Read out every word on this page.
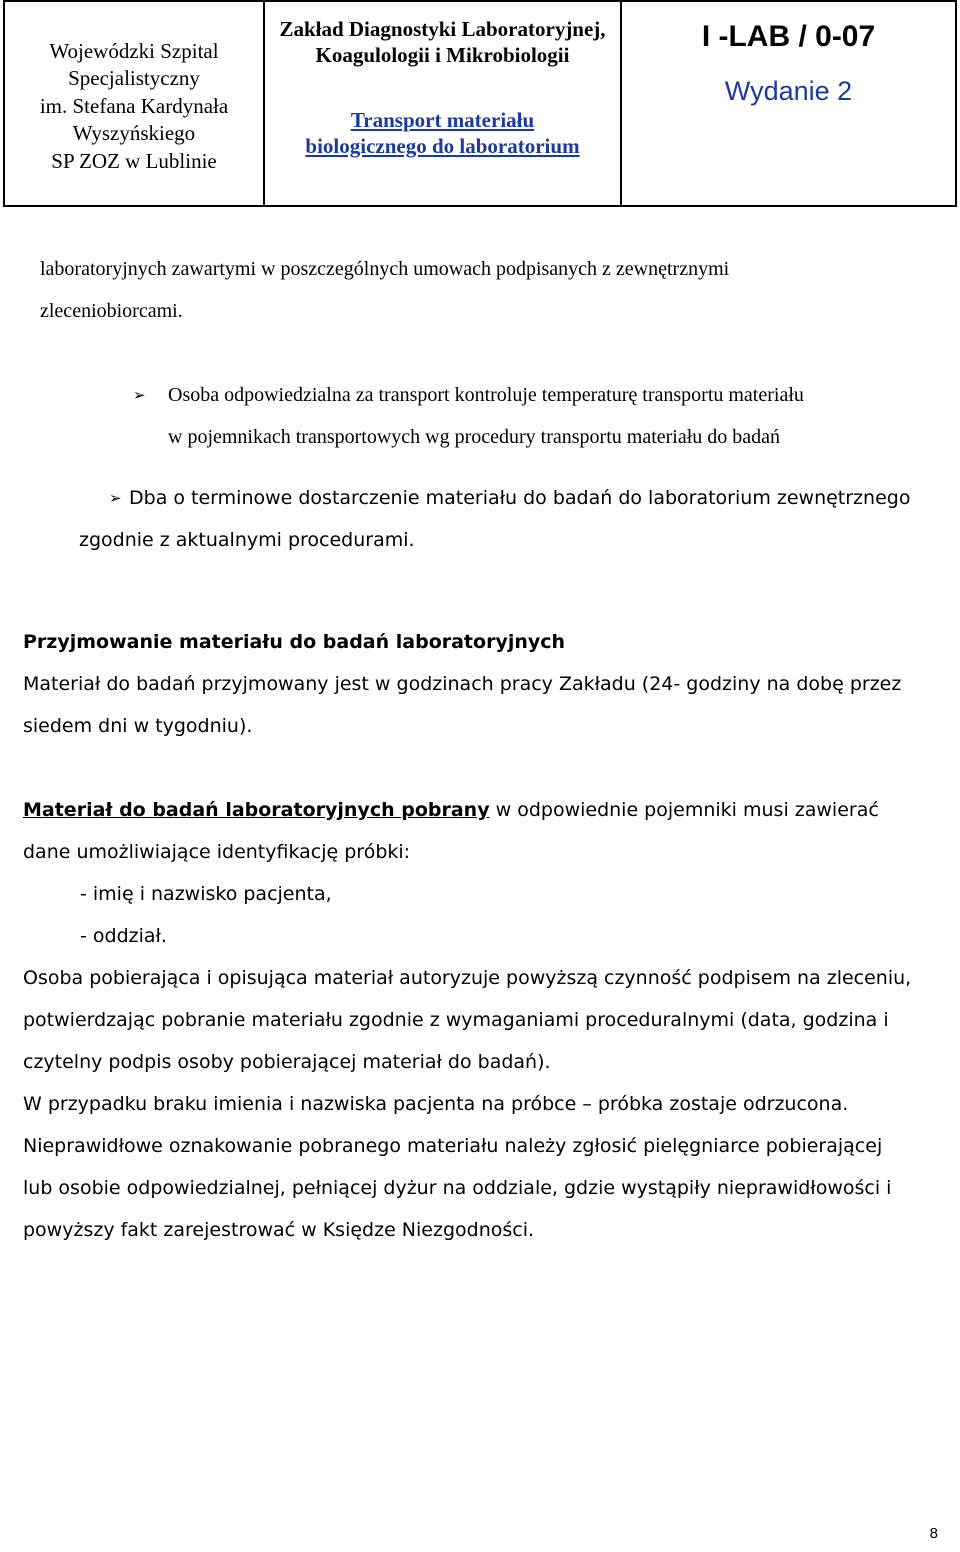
Wojewódzki Szpital
Specjalistyczny
im. Stefana Kardynała
Wyszyńskiego
SP ZOZ w Lublinie
Zakład Diagnostyki Laboratoryjnej,
Koagulologii i Mikrobiologii
Transport materiału
biologicznego do laboratorium
I -LAB / 0-07
Wydanie 2
laboratoryjnych zawartymi w poszczególnych umowach podpisanych z zewnętrznymi
zleceniobiorcami.
➢ Osoba odpowiedzialna za transport kontroluje temperaturę transportu materiału
w pojemnikach transportowych wg procedury transportu materiału do badań
➢ Dba o terminowe dostarczenie materiału do badań do laboratorium zewnętrznego
zgodnie z aktualnymi procedurami.
Przyjmowanie materiału do badań laboratoryjnych
Materiał do badań przyjmowany jest w godzinach pracy Zakładu (24- godziny na dobę przez
siedem dni w tygodniu).
Materiał do badań laboratoryjnych pobrany w odpowiednie pojemniki musi zawierać
dane umożliwiające identyfikację próbki:
- imię i nazwisko pacjenta,
- oddział.
Osoba pobierająca i opisująca materiał autoryzuje powyższą czynność podpisem na zleceniu,
potwierdzając pobranie materiału zgodnie z wymaganiami proceduralnymi (data, godzina i
czytelny podpis osoby pobierającej materiał do badań).
W przypadku braku imienia i nazwiska pacjenta na próbce – próbka zostaje odrzucona.
Nieprawidłowe oznakowanie pobranego materiału należy zgłosić pielęgniarce pobierającej
lub osobie odpowiedzialnej, pełniącej dyżur na oddziale, gdzie wystąpiły nieprawidłowości i
powyższy fakt zarejestrować w Księdze Niezgodności.
8
